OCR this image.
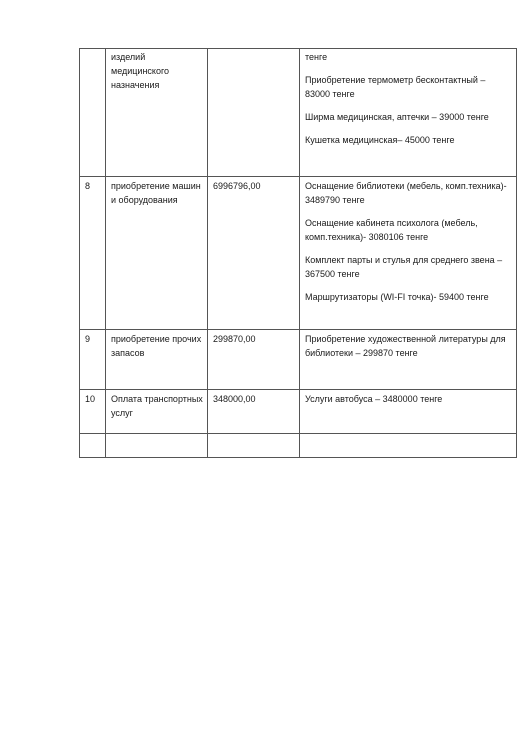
	изделий медицинского назначения		тенге
Приобретение термометр бесконтактный – 83000 тенге
Ширма медицинская, аптечки – 39000 тенге
Кушетка медицинская– 45000 тенге

8	приобретение машин и оборудования	6996796,00	Оснащение библиотеки (мебель, комп.техника)- 3489790 тенге
Оснащение кабинета психолога (мебель, комп.техника)- 3080106 тенге
Комплект парты и стулья для среднего звена – 367500 тенге
Маршрутизаторы (WI-FI точка)- 59400 тенге

9	приобретение прочих запасов	299870,00	Приобретение художественной литературы для библиотеки – 299870 тенге

10	Оплата транспортных услуг	348000,00	Услуги автобуса – 3480000 тенге
